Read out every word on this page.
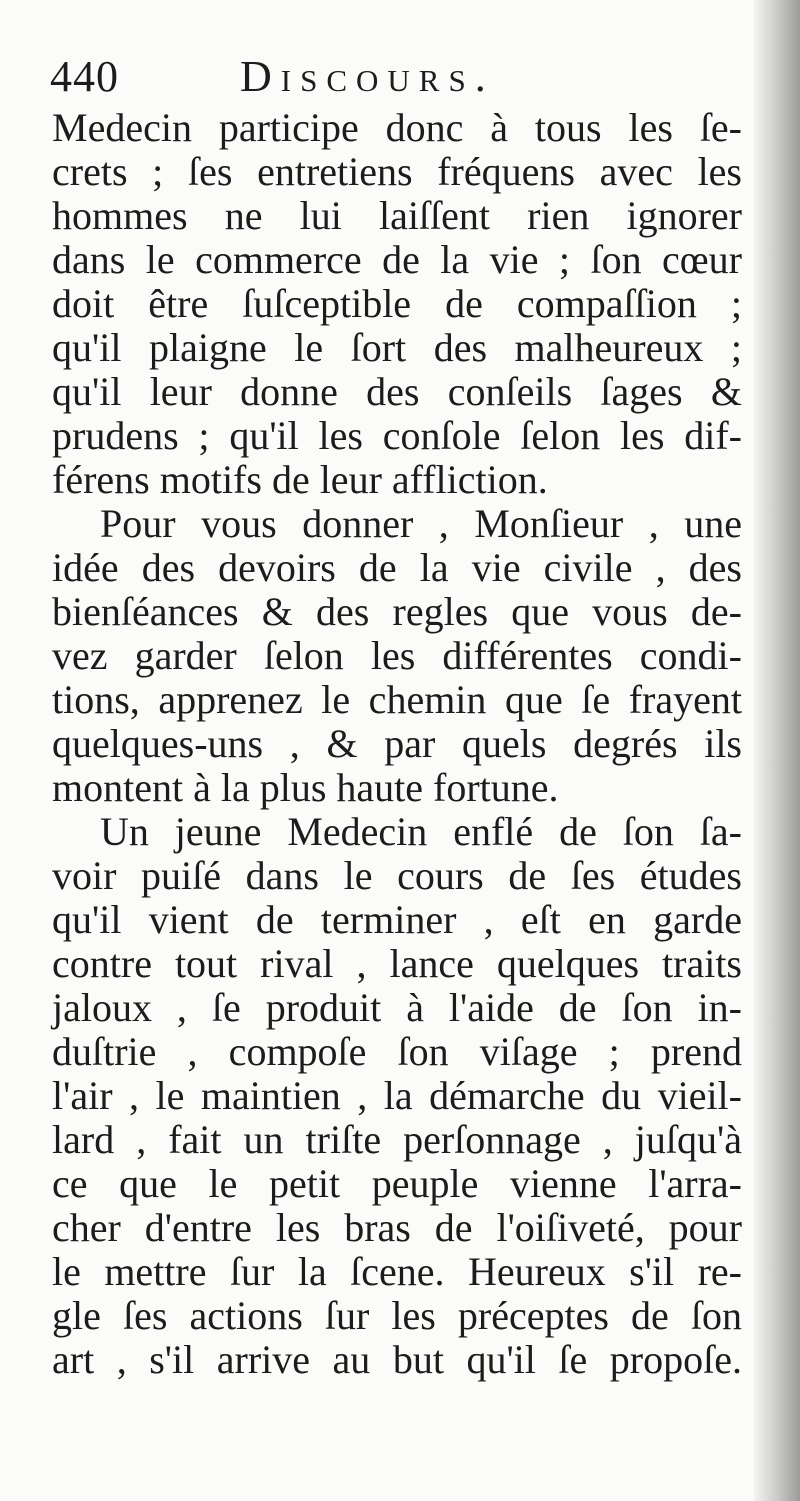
440	Discours.
Medecin participe donc à tous les ſe-
crets ; ſes entretiens fréquens avec les
hommes ne lui laiſſent rien ignorer
dans le commerce de la vie ; ſon cœur
doit être ſuſceptible de compaſſion ;
qu'il plaigne le ſort des malheureux ;
qu'il leur donne des conſeils ſages &
prudens ; qu'il les conſole ſelon les dif-
férens motifs de leur affliction.
Pour vous donner , Monſieur , une
idée des devoirs de la vie civile , des
bienſéances & des regles que vous de-
vez garder ſelon les différentes condi-
tions, apprenez le chemin que ſe frayent
quelques-uns , & par quels degrés ils
montent à la plus haute fortune.
Un jeune Medecin enflé de ſon ſa-
voir puiſé dans le cours de ſes études
qu'il vient de terminer , eſt en garde
contre tout rival , lance quelques traits
jaloux , ſe produit à l'aide de ſon in-
duſtrie , compoſe ſon viſage ; prend
l'air , le maintien , la démarche du vieil-
lard , fait un triſte perſonnage , juſqu'à
ce que le petit peuple vienne l'arra-
cher d'entre les bras de l'oiſiveté, pour
le mettre ſur la ſcene. Heureux s'il re-
gle ſes actions ſur les préceptes de ſon
art , s'il arrive au but qu'il ſe propoſe.
